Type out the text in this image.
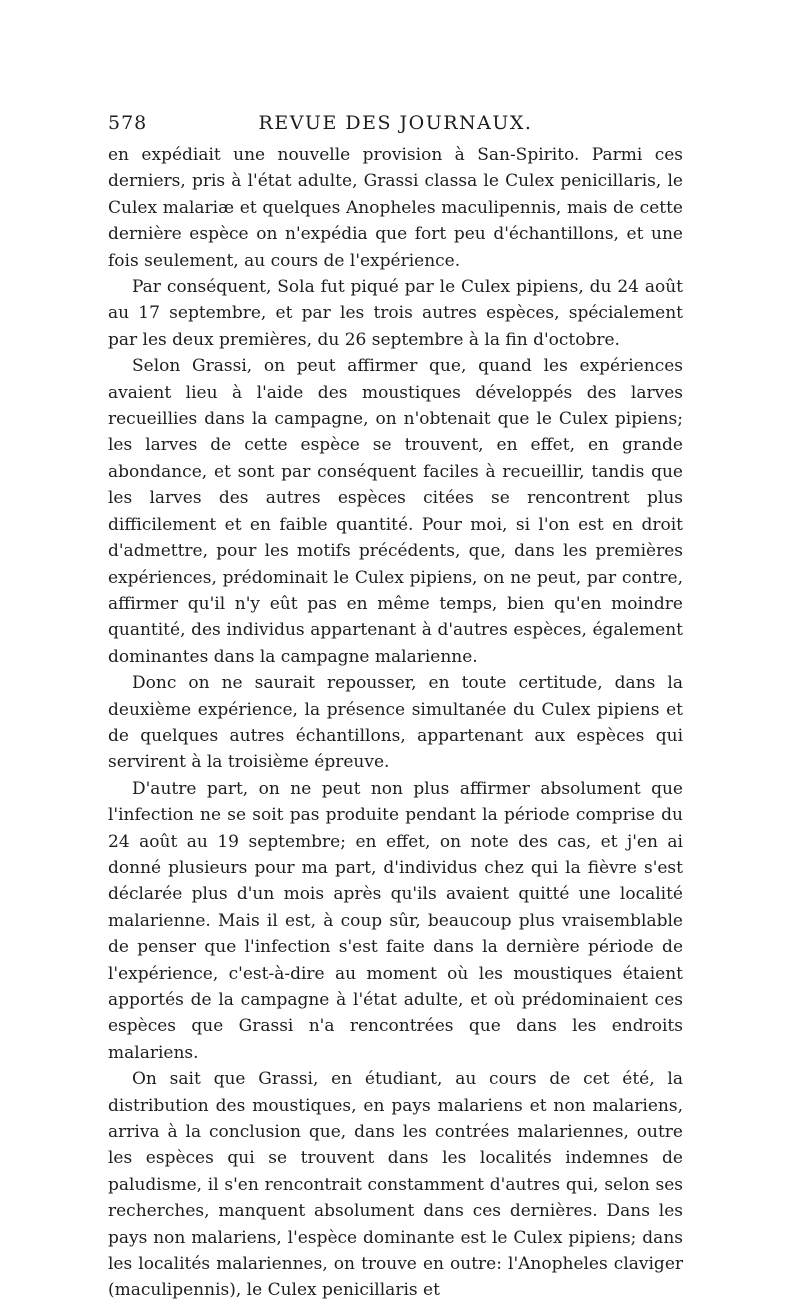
578	REVUE DES JOURNAUX.

en expédiait une nouvelle provision à San-Spirito. Parmi ces derniers, pris à l'état adulte, Grassi classa le Culex penicillaris, le Culex malariæ et quelques Anopheles maculipennis, mais de cette dernière espèce on n'expédia que fort peu d'échantillons, et une fois seulement, au cours de l'expérience.

Par conséquent, Sola fut piqué par le Culex pipiens, du 24 août au 17 septembre, et par les trois autres espèces, spécialement par les deux premières, du 26 septembre à la fin d'octobre.

Selon Grassi, on peut affirmer que, quand les expériences avaient lieu à l'aide des moustiques développés des larves recueillies dans la campagne, on n'obtenait que le Culex pipiens; les larves de cette espèce se trouvent, en effet, en grande abondance, et sont par conséquent faciles à recueillir, tandis que les larves des autres espèces citées se rencontrent plus difficilement et en faible quantité. Pour moi, si l'on est en droit d'admettre, pour les motifs précédents, que, dans les premières expériences, prédominait le Culex pipiens, on ne peut, par contre, affirmer qu'il n'y eût pas en même temps, bien qu'en moindre quantité, des individus appartenant à d'autres espèces, également dominantes dans la campagne malarienne.

Donc on ne saurait repousser, en toute certitude, dans la deuxième expérience, la présence simultanée du Culex pipiens et de quelques autres échantillons, appartenant aux espèces qui servirent à la troisième épreuve.

D'autre part, on ne peut non plus affirmer absolument que l'infection ne se soit pas produite pendant la période comprise du 24 août au 19 septembre; en effet, on note des cas, et j'en ai donné plusieurs pour ma part, d'individus chez qui la fièvre s'est déclarée plus d'un mois après qu'ils avaient quitté une localité malarienne. Mais il est, à coup sûr, beaucoup plus vraisemblable de penser que l'infection s'est faite dans la dernière période de l'expérience, c'est-à-dire au moment où les moustiques étaient apportés de la campagne à l'état adulte, et où prédominaient ces espèces que Grassi n'a rencontrées que dans les endroits malariens.

On sait que Grassi, en étudiant, au cours de cet été, la distribution des moustiques, en pays malariens et non malariens, arriva à la conclusion que, dans les contrées malariennes, outre les espèces qui se trouvent dans les localités indemnes de paludisme, il s'en rencontrait constamment d'autres qui, selon ses recherches, manquent absolument dans ces dernières. Dans les pays non malariens, l'espèce dominante est le Culex pipiens; dans les localités malariennes, on trouve en outre: l'Anopheles claviger (maculipennis), le Culex penicillaris et
